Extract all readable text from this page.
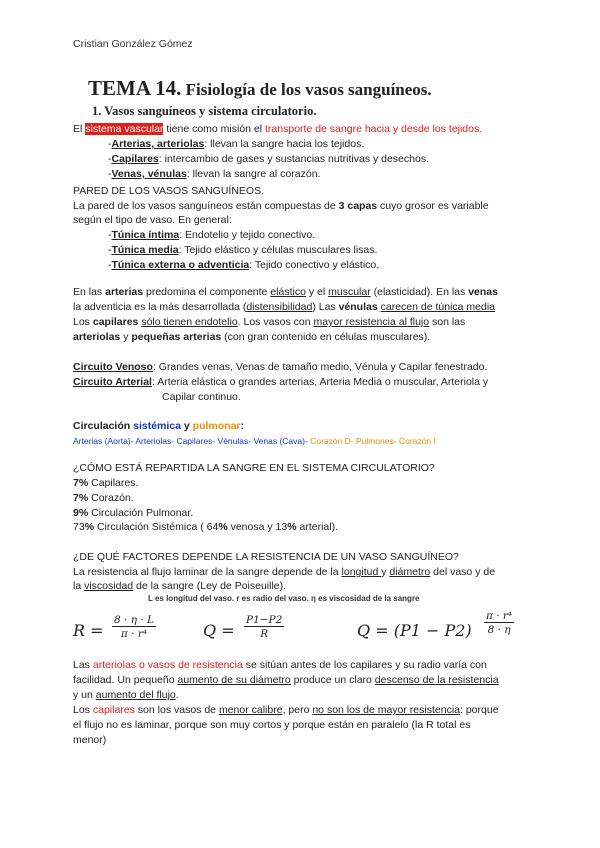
Cristian González Gómez
TEMA 14. Fisiología de los vasos sanguíneos.
1. Vasos sanguíneos y sistema circulatorio.
El sistema vascular tiene como misión el transporte de sangre hacia y desde los tejidos.
-Arterias, arteriolas: llevan la sangre hacia los tejidos.
-Capilares: intercambio de gases y sustancias nutritivas y desechos.
-Venas, vénulas: llevan la sangre al corazón.
PARED DE LOS VASOS SANGUÍNEOS.
La pared de los vasos sanguíneos están compuestas de 3 capas cuyo grosor es variable
según el tipo de vaso. En general:
-Túnica íntima: Endotelio y tejido conectivo.
-Túnica media: Tejido elástico y células musculares lisas.
-Túnica externa o adventicia: Tejido conectivo y elástico.
En las arterias predomina el componente elástico y el muscular (elasticidad). En las venas
la adventicia es la más desarrollada (distensibilidad) Las vénulas carecen de túnica media
Los capilares sólo tienen endotelio. Los vasos con mayor resistencia al flujo son las
arteriolas y pequeñas arterias (con gran contenido en células musculares).
Circuito Venoso: Grandes venas, Venas de tamaño medio, Vénula y Capilar fenestrado.
Circuito Arterial: Arteria elástica o grandes arterias, Arteria Media o muscular, Arteriola y
Capilar continuo.
Circulación sistémica y pulmonar:
Arterias (Aorta)- Arteriolas- Capilares- Vénulas- Venas (Cava)- Corazón D- Pulmones- Corazón I
¿CÓMO ESTÁ REPARTIDA LA SANGRE EN EL SISTEMA CIRCULATORIO?
7% Capilares.
7% Corazón.
9% Circulación Pulmonar.
73% Circulación Sistémica ( 64% venosa y 13% arterial).
¿DE QUÉ FACTORES DEPENDE LA RESISTENCIA DE UN VASO SANGUÍNEO?
La resistencia al flujo laminar de la sangre depende de la longitud y diámetro del vaso y de
la viscosidad de la sangre (Ley de Poiseuille).
L es longitud del vaso. r es radio del vaso. η es viscosidad de la sangre
$R = \frac{8 \cdot \eta \cdot L}{\text{π · r⁴}}$	$Q = \frac{P1-P2}{R}$	$Q = (P1 - P2) \frac{\text{π · r⁴}}{8 \cdot \eta}$
Las arteriolas o vasos de resistencia se sitúan antes de los capilares y su radio varía con
facilidad. Un pequeño aumento de su diámetro produce un claro descenso de la resistencia
y un aumento del flujo.
Los capilares son los vasos de menor calibre, pero no son los de mayor resistencia: porque
el flujo no es laminar, porque son muy cortos y porque están en paralelo (la R total es
menor)
